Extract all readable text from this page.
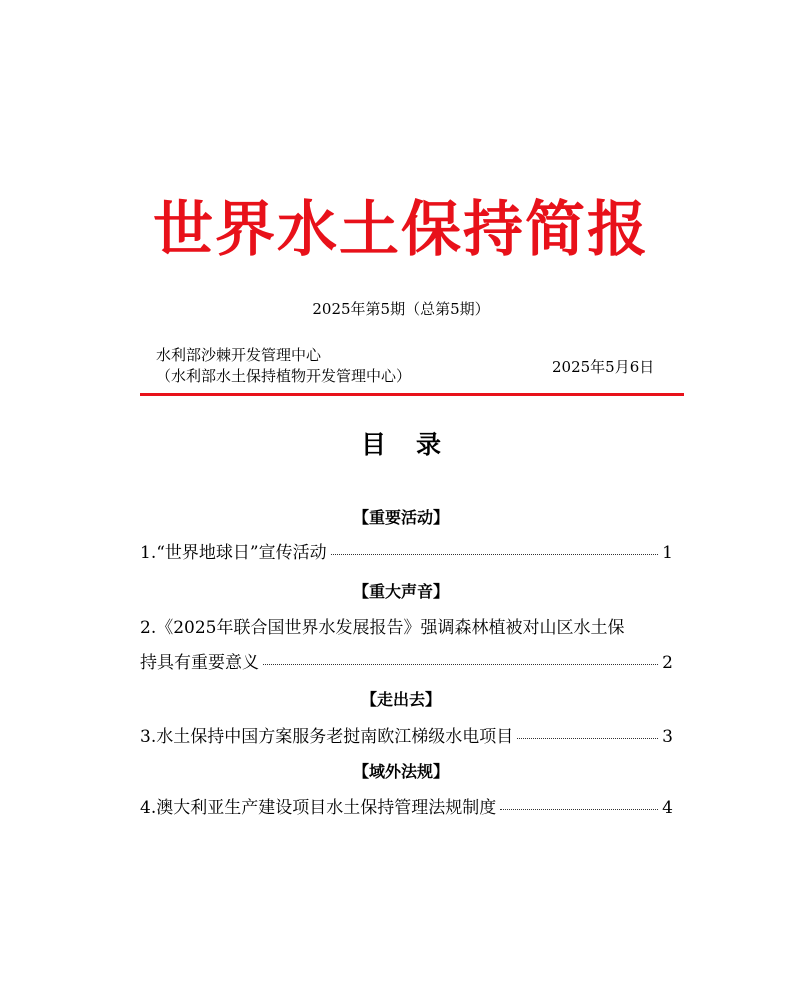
世界水土保持简报
2025年第5期（总第5期）
水利部沙棘开发管理中心
（水利部水土保持植物开发管理中心）	2025年5月6日
目 录
【重要活动】
1.“世界地球日”宣传活动	1
【重大声音】
2.《2025年联合国世界水发展报告》强调森林植被对山区水土保
持具有重要意义	2
【走出去】
3.水土保持中国方案服务老挝南欧江梯级水电项目	3
【域外法规】
4.澳大利亚生产建设项目水土保持管理法规制度	4
